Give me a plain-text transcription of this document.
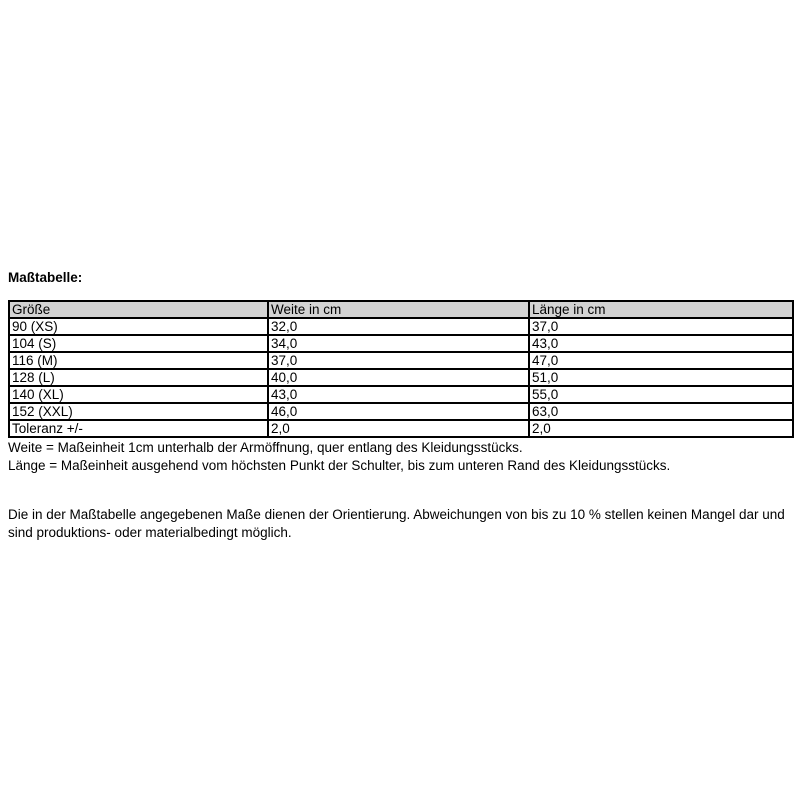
Maßtabelle:

Größe	Weite in cm	Länge in cm
90 (XS)	32,0	37,0
104 (S)	34,0	43,0
116 (M)	37,0	47,0
128 (L)	40,0	51,0
140 (XL)	43,0	55,0
152 (XXL)	46,0	63,0
Toleranz +/-	2,0	2,0
Weite = Maßeinheit 1cm unterhalb der Armöffnung, quer entlang des Kleidungsstücks.
Länge = Maßeinheit ausgehend vom höchsten Punkt der Schulter, bis zum unteren Rand des Kleidungsstücks.
Die in der Maßtabelle angegebenen Maße dienen der Orientierung. Abweichungen von bis zu 10 % stellen keinen Mangel dar und
sind produktions- oder materialbedingt möglich.
